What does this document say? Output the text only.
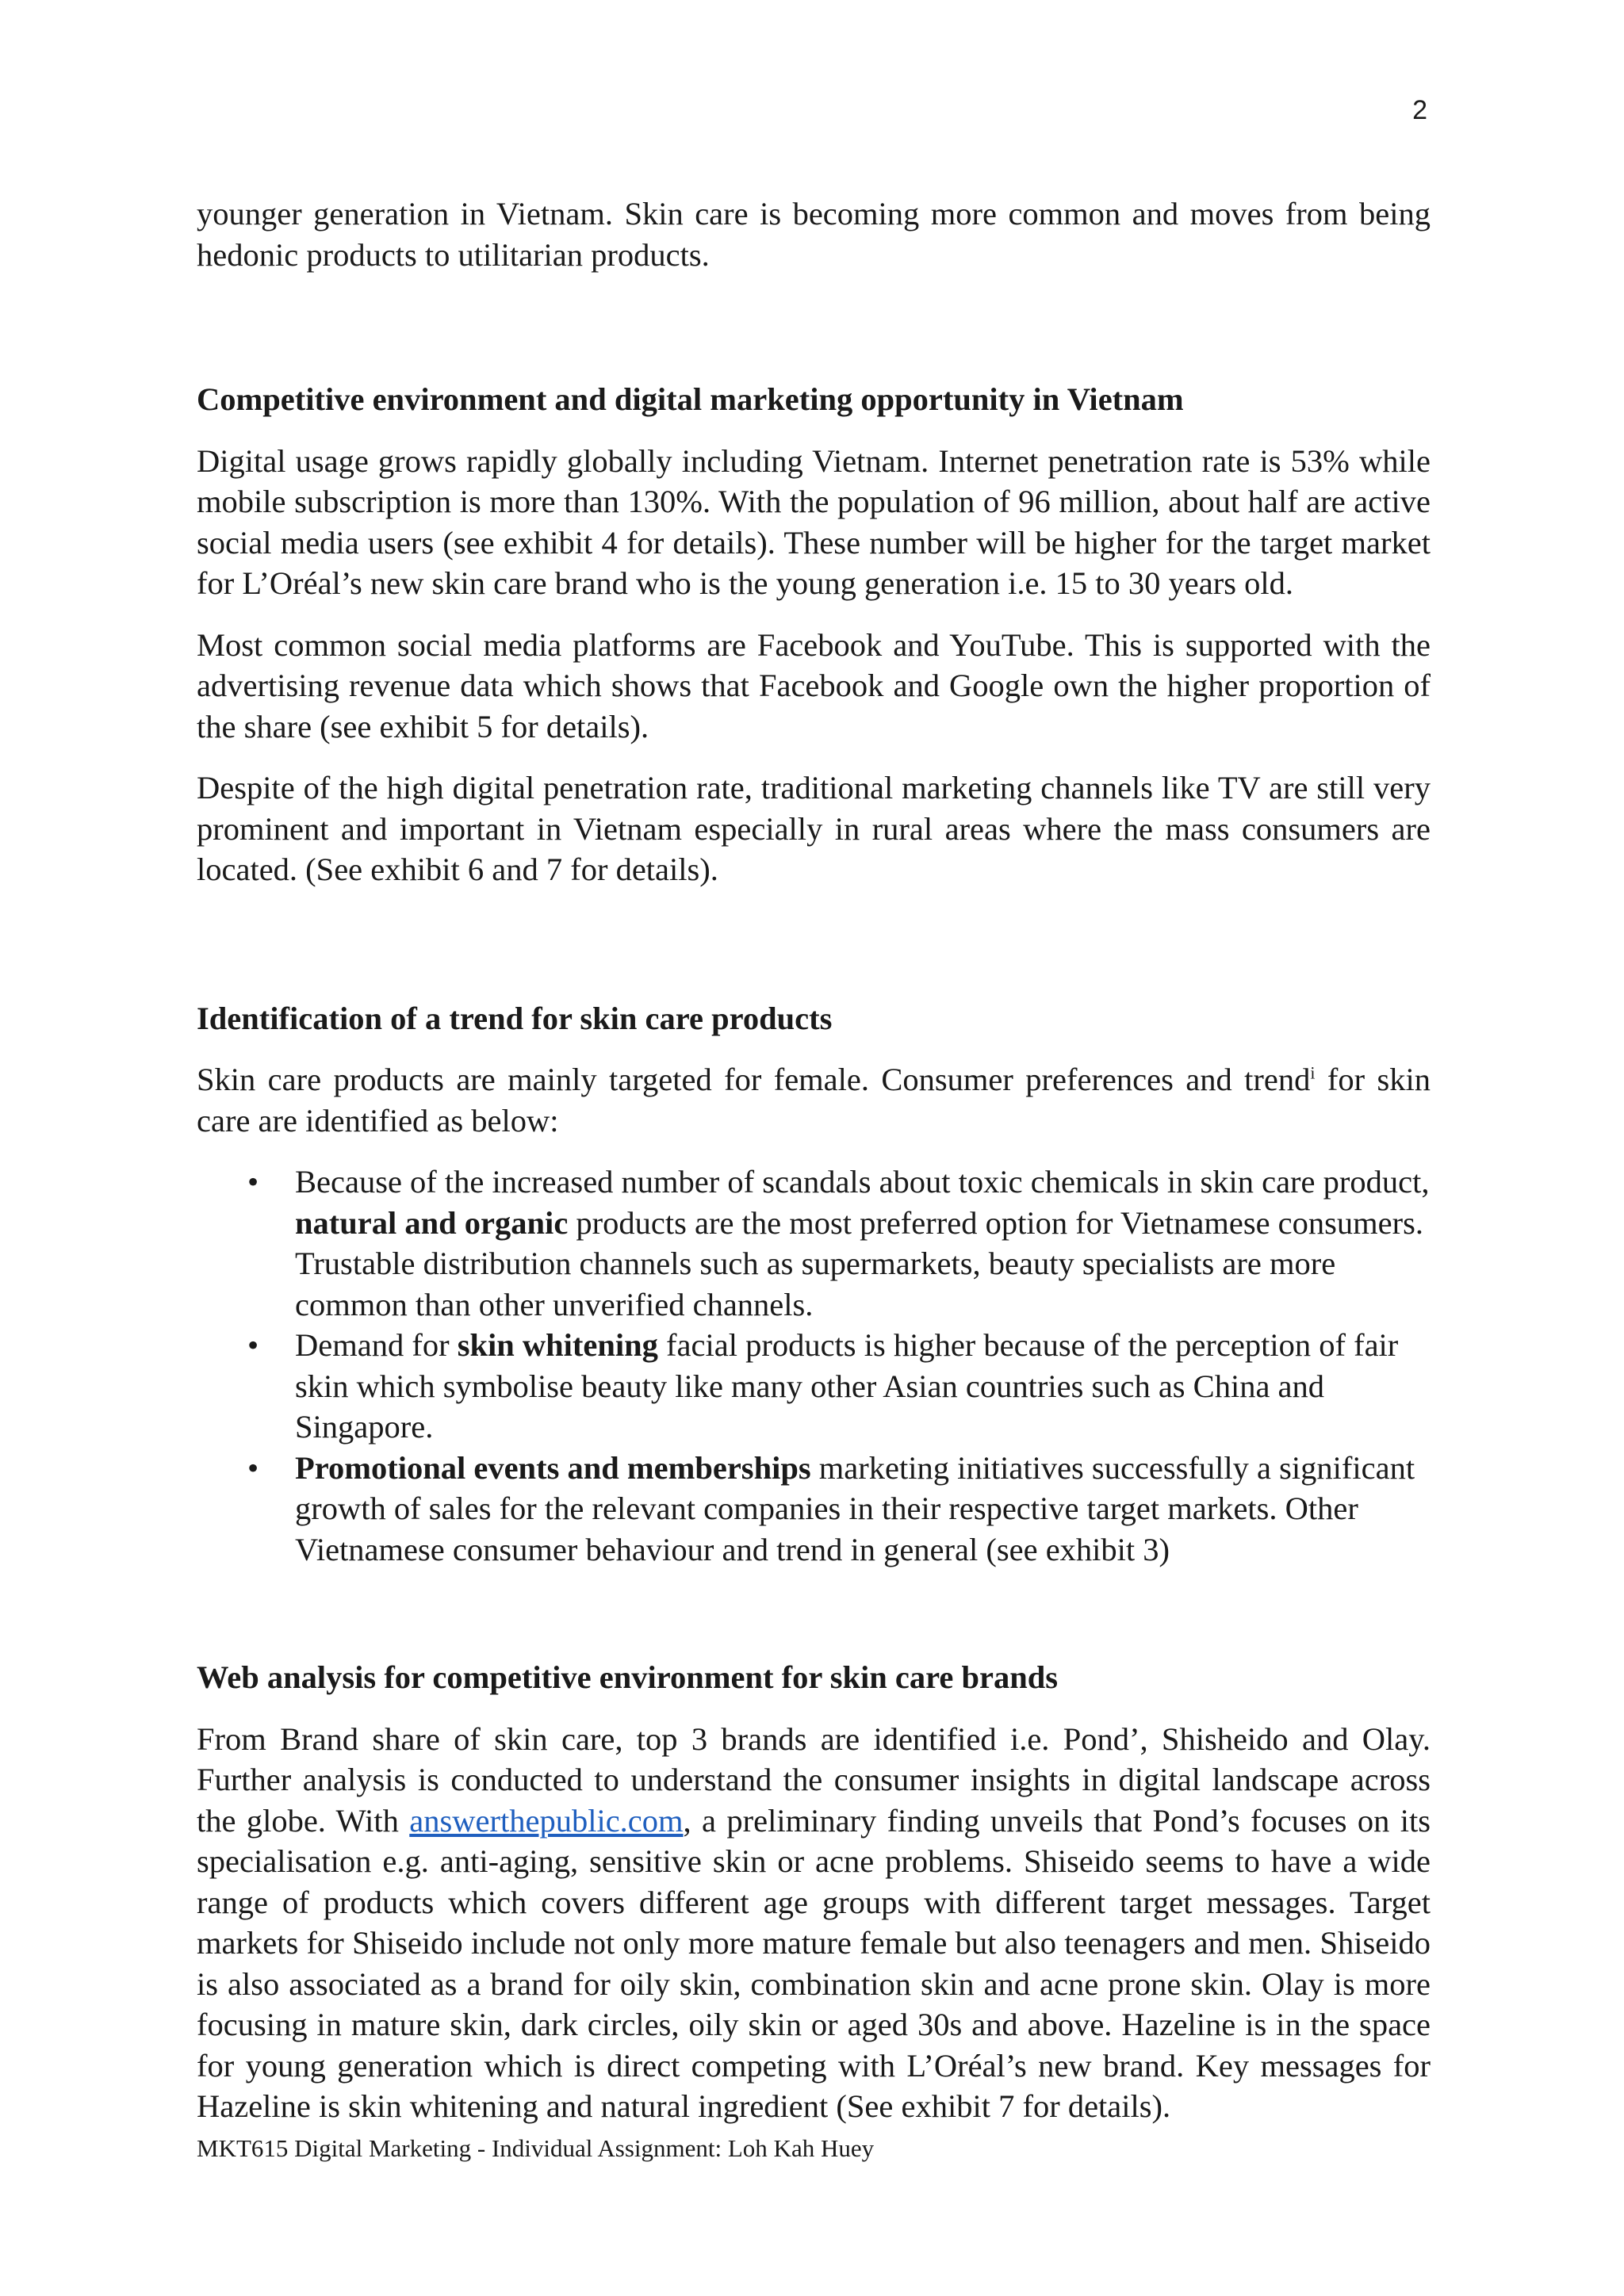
2

younger generation in Vietnam. Skin care is becoming more common and moves from being hedonic products to utilitarian products.

Competitive environment and digital marketing opportunity in Vietnam

Digital usage grows rapidly globally including Vietnam. Internet penetration rate is 53% while mobile subscription is more than 130%. With the population of 96 million, about half are active social media users (see exhibit 4 for details). These number will be higher for the target market for L’Oréal’s new skin care brand who is the young generation i.e. 15 to 30 years old.

Most common social media platforms are Facebook and YouTube. This is supported with the advertising revenue data which shows that Facebook and Google own the higher proportion of the share (see exhibit 5 for details).

Despite of the high digital penetration rate, traditional marketing channels like TV are still very prominent and important in Vietnam especially in rural areas where the mass consumers are located. (See exhibit 6 and 7 for details).

Identification of a trend for skin care products

Skin care products are mainly targeted for female. Consumer preferences and trend$^i$ for skin care are identified as below:

• Because of the increased number of scandals about toxic chemicals in skin care product, natural and organic products are the most preferred option for Vietnamese consumers. Trustable distribution channels such as supermarkets, beauty specialists are more common than other unverified channels.
• Demand for skin whitening facial products is higher because of the perception of fair skin which symbolise beauty like many other Asian countries such as China and Singapore.
• Promotional events and memberships marketing initiatives successfully a significant growth of sales for the relevant companies in their respective target markets. Other Vietnamese consumer behaviour and trend in general (see exhibit 3)
Web analysis for competitive environment for skin care brands

From Brand share of skin care, top 3 brands are identified i.e. Pond’, Shisheido and Olay. Further analysis is conducted to understand the consumer insights in digital landscape across the globe. With answerthepublic.com, a preliminary finding unveils that Pond’s focuses on its specialisation e.g. anti-aging, sensitive skin or acne problems. Shiseido seems to have a wide range of products which covers different age groups with different target messages. Target markets for Shiseido include not only more mature female but also teenagers and men. Shiseido is also associated as a brand for oily skin, combination skin and acne prone skin. Olay is more focusing in mature skin, dark circles, oily skin or aged 30s and above. Hazeline is in the space for young generation which is direct competing with L’Oréal’s new brand. Key messages for Hazeline is skin whitening and natural ingredient (See exhibit 7 for details).

MKT615 Digital Marketing - Individual Assignment: Loh Kah Huey
